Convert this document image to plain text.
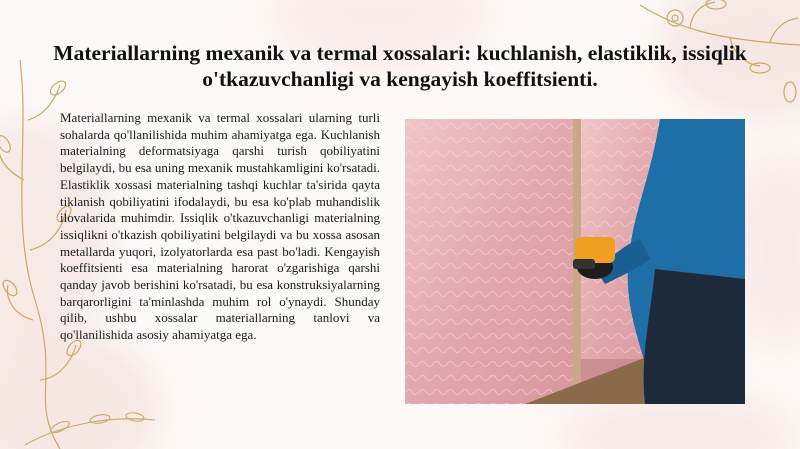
Materiallarning mexanik va termal xossalari: kuchlanish, elastiklik, issiqlik o'tkazuvchanligi va kengayish koeffitsienti.
Materiallarning mexanik va termal xossalari ularning turli sohalarda qo'llanilishida muhim ahamiyatga ega. Kuchlanish materialning deformatsiyaga qarshi turish qobiliyatini belgilaydi, bu esa uning mexanik mustahkamligini ko'rsatadi. Elastiklik xossasi materialning tashqi kuchlar ta'sirida qayta tiklanish qobiliyatini ifodalaydi, bu esa ko'plab muhandislik ilovalarida muhimdir. Issiqlik o'tkazuvchanligi materialning issiqlikni o'tkazish qobiliyatini belgilaydi va bu xossa asosan metallarda yuqori, izolyatorlarda esa past bo'ladi. Kengayish koeffitsienti esa materialning harorat o'zgarishiga qarshi qanday javob berishini ko'rsatadi, bu esa konstruksiyalarning barqarorligini ta'minlashda muhim rol o'ynaydi. Shunday qilib, ushbu xossalar materiallarning tanlovi va qo'llanilishida asosiy ahamiyatga ega.
